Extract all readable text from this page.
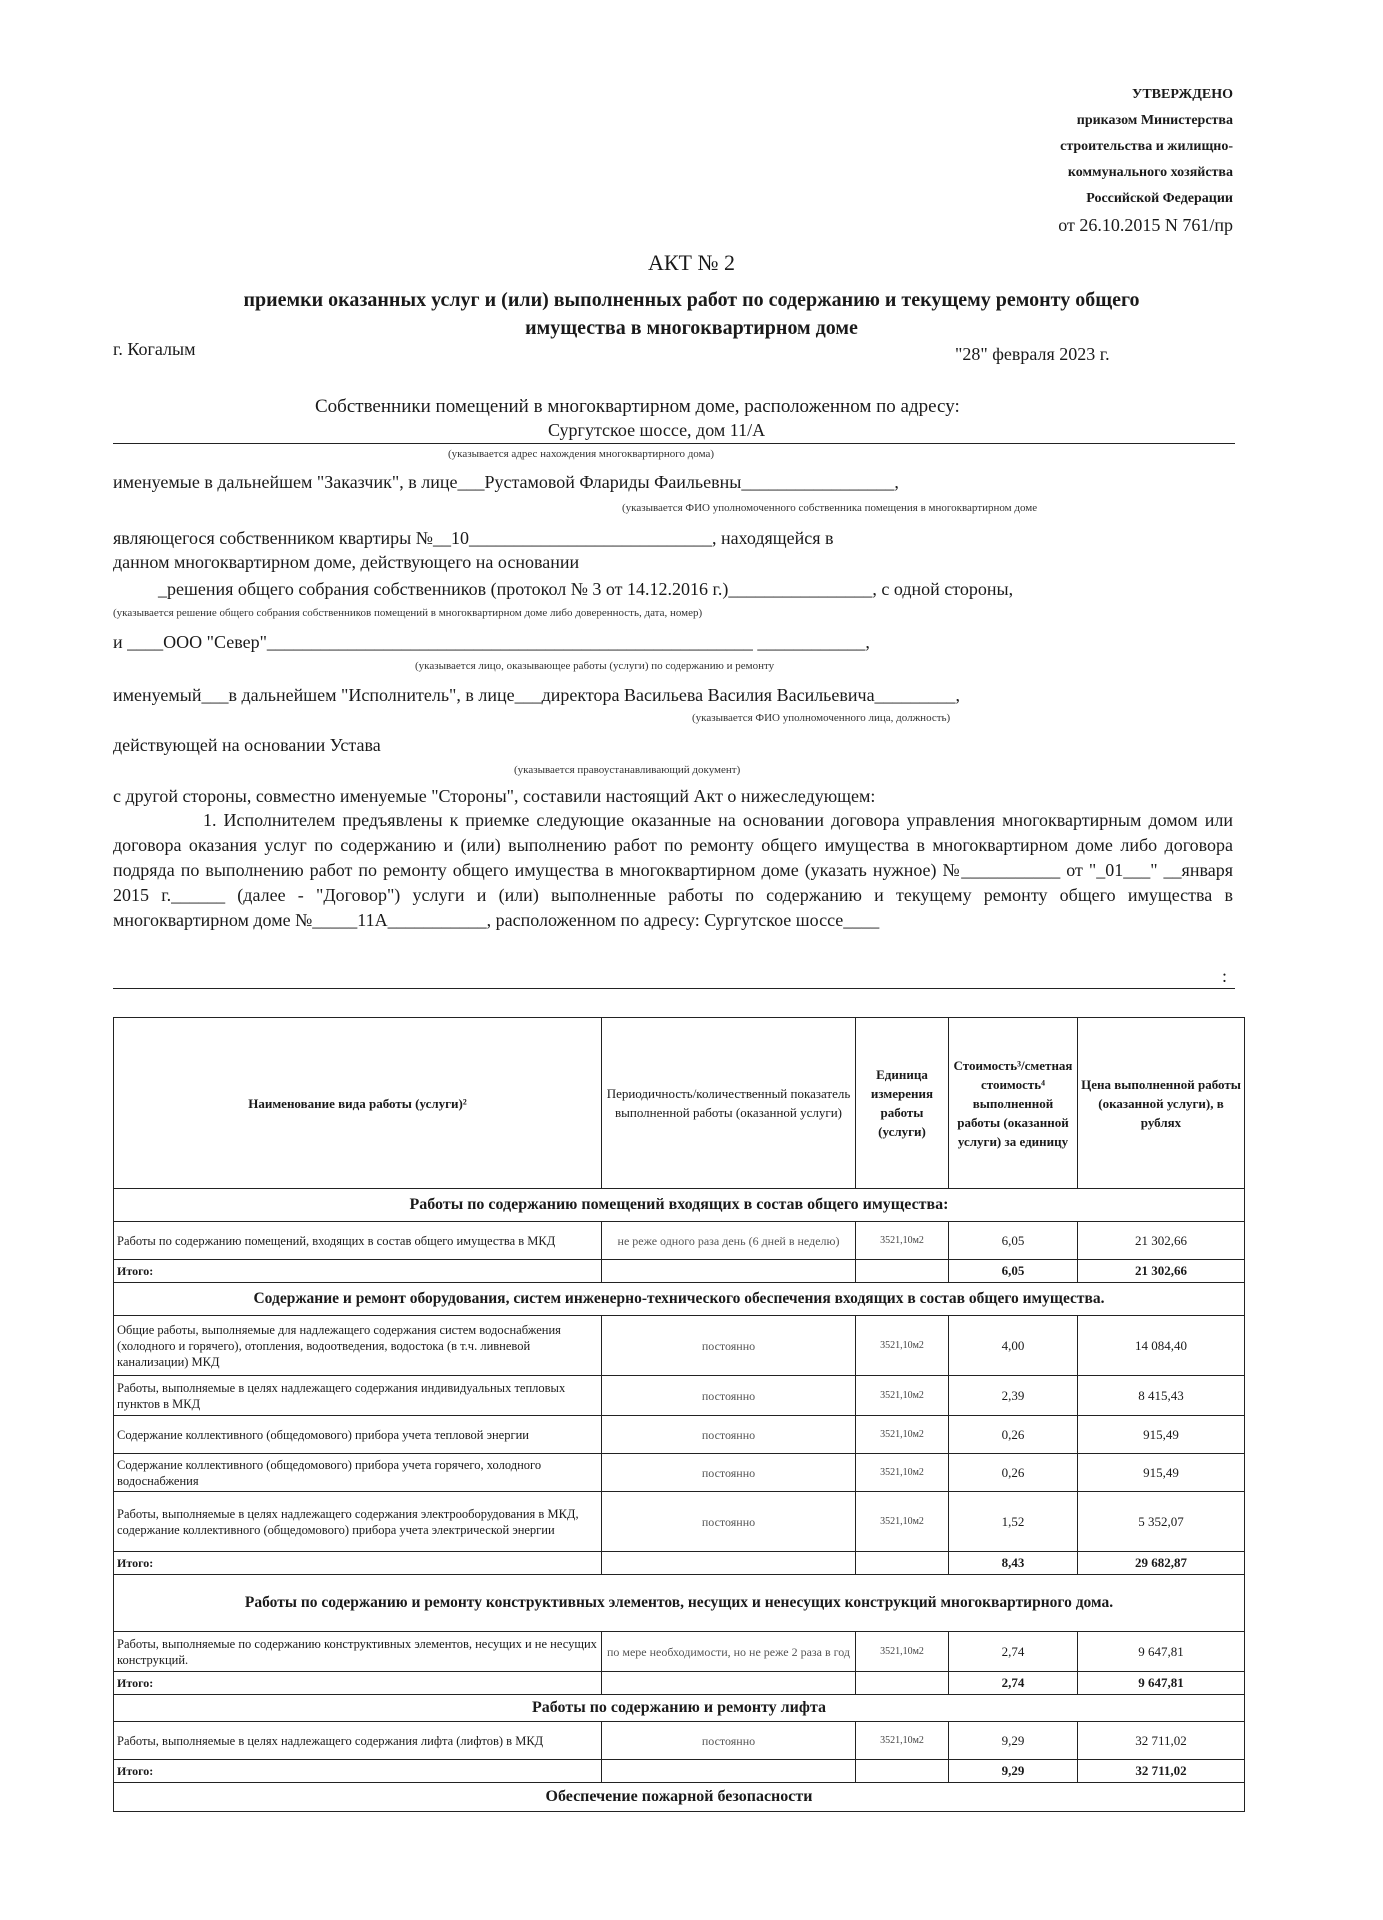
УТВЕРЖДЕНО
приказом Министерства
строительства и жилищно-
коммунального хозяйства
Российской Федерации
от 26.10.2015 N 761/пр
АКТ № 2
приемки оказанных услуг и (или) выполненных работ по содержанию и текущему ремонту общего
имущества в многоквартирном доме
г. Когалым	"28" февраля 2023 г.
Собственники помещений в многоквартирном доме, расположенном по адресу:
Сургутское шоссе, дом 11/А
(указывается адрес нахождения многоквартирного дома)
именуемые в дальнейшем "Заказчик", в лице___Рустамовой Флариды Фаильевны_________________,
(указывается ФИО уполномоченного собственника помещения в многоквартирном доме
являющегося собственником квартиры №__10___________________________, находящейся в
данном многоквартирном доме, действующего на основании
_решения общего собрания собственников (протокол № 3 от 14.12.2016 г.)________________, с одной стороны,
(указывается решение общего собрания собственников помещений в многоквартирном доме либо доверенность, дата, номер)
и ____ООО "Север"______________________________________________________ ____________,
(указывается лицо, оказывающее работы (услуги) по содержанию и ремонту
именуемый___в дальнейшем "Исполнитель", в лице___директора Васильева Василия Васильевича_________,
(указывается ФИО уполномоченного лица, должность)
действующей на основании Устава
(указывается правоустанавливающий документ)
с другой стороны, совместно именуемые "Стороны", составили настоящий Акт о нижеследующем:
1. Исполнителем предъявлены к приемке следующие оказанные на основании договора управления многоквартирным домом или договора оказания услуг по содержанию и (или) выполнению работ по ремонту общего имущества в многоквартирном доме либо договора подряда по выполнению работ по ремонту общего имущества в многоквартирном доме (указать нужное) №___________ от "_01___" __января 2015 г.______ (далее - "Договор") услуги и (или) выполненные работы по содержанию и текущему ремонту общего имущества в многоквартирном доме №_____11А___________, расположенном по адресу: Сургутское шоссе____
:
Наименование вида работы (услуги)²	Периодичность/количественный показатель выполненной работы (оказанной услуги)	Единица измерения работы (услуги)	Стоимость³/сметная стоимость⁴ выполненной работы (оказанной услуги) за единицу	Цена выполненной работы (оказанной услуги), в рублях
Работы по содержанию помещений входящих в состав общего имущества:				
Работы по содержанию помещений, входящих в состав общего имущества в МКД	не реже одного раза день (6 дней в неделю)	3521,10м2	6,05	21 302,66
Итого:			6,05	21 302,66
Содержание и ремонт оборудования, систем инженерно-технического обеспечения входящих в состав общего имущества.				
Общие работы, выполняемые для надлежащего содержания систем водоснабжения (холодного и горячего), отопления, водоотведения, водостока (в т.ч. ливневой канализации) МКД	постоянно	3521,10м2	4,00	14 084,40
Работы, выполняемые в целях надлежащего содержания индивидуальных тепловых пунктов в МКД	постоянно	3521,10м2	2,39	8 415,43
Содержание коллективного (общедомового) прибора учета тепловой энергии	постоянно	3521,10м2	0,26	915,49
Содержание коллективного (общедомового) прибора учета горячего, холодного водоснабжения	постоянно	3521,10м2	0,26	915,49
Работы, выполняемые в целях надлежащего содержания электрооборудования в МКД, содержание коллективного (общедомового) прибора учета электрической энергии	постоянно	3521,10м2	1,52	5 352,07
Итого:			8,43	29 682,87
Работы по содержанию и ремонту конструктивных элементов, несущих и ненесущих конструкций многоквартирного дома.				
Работы, выполняемые по содержанию конструктивных элементов, несущих и не несущих конструкций.	по мере необходимости, но не реже 2 раза в год	3521,10м2	2,74	9 647,81
Итого:			2,74	9 647,81
Работы по содержанию и ремонту лифта				
Работы, выполняемые в целях надлежащего содержания лифта (лифтов) в МКД	постоянно	3521,10м2	9,29	32 711,02
Итого:			9,29	32 711,02
Обеспечение пожарной безопасности				
